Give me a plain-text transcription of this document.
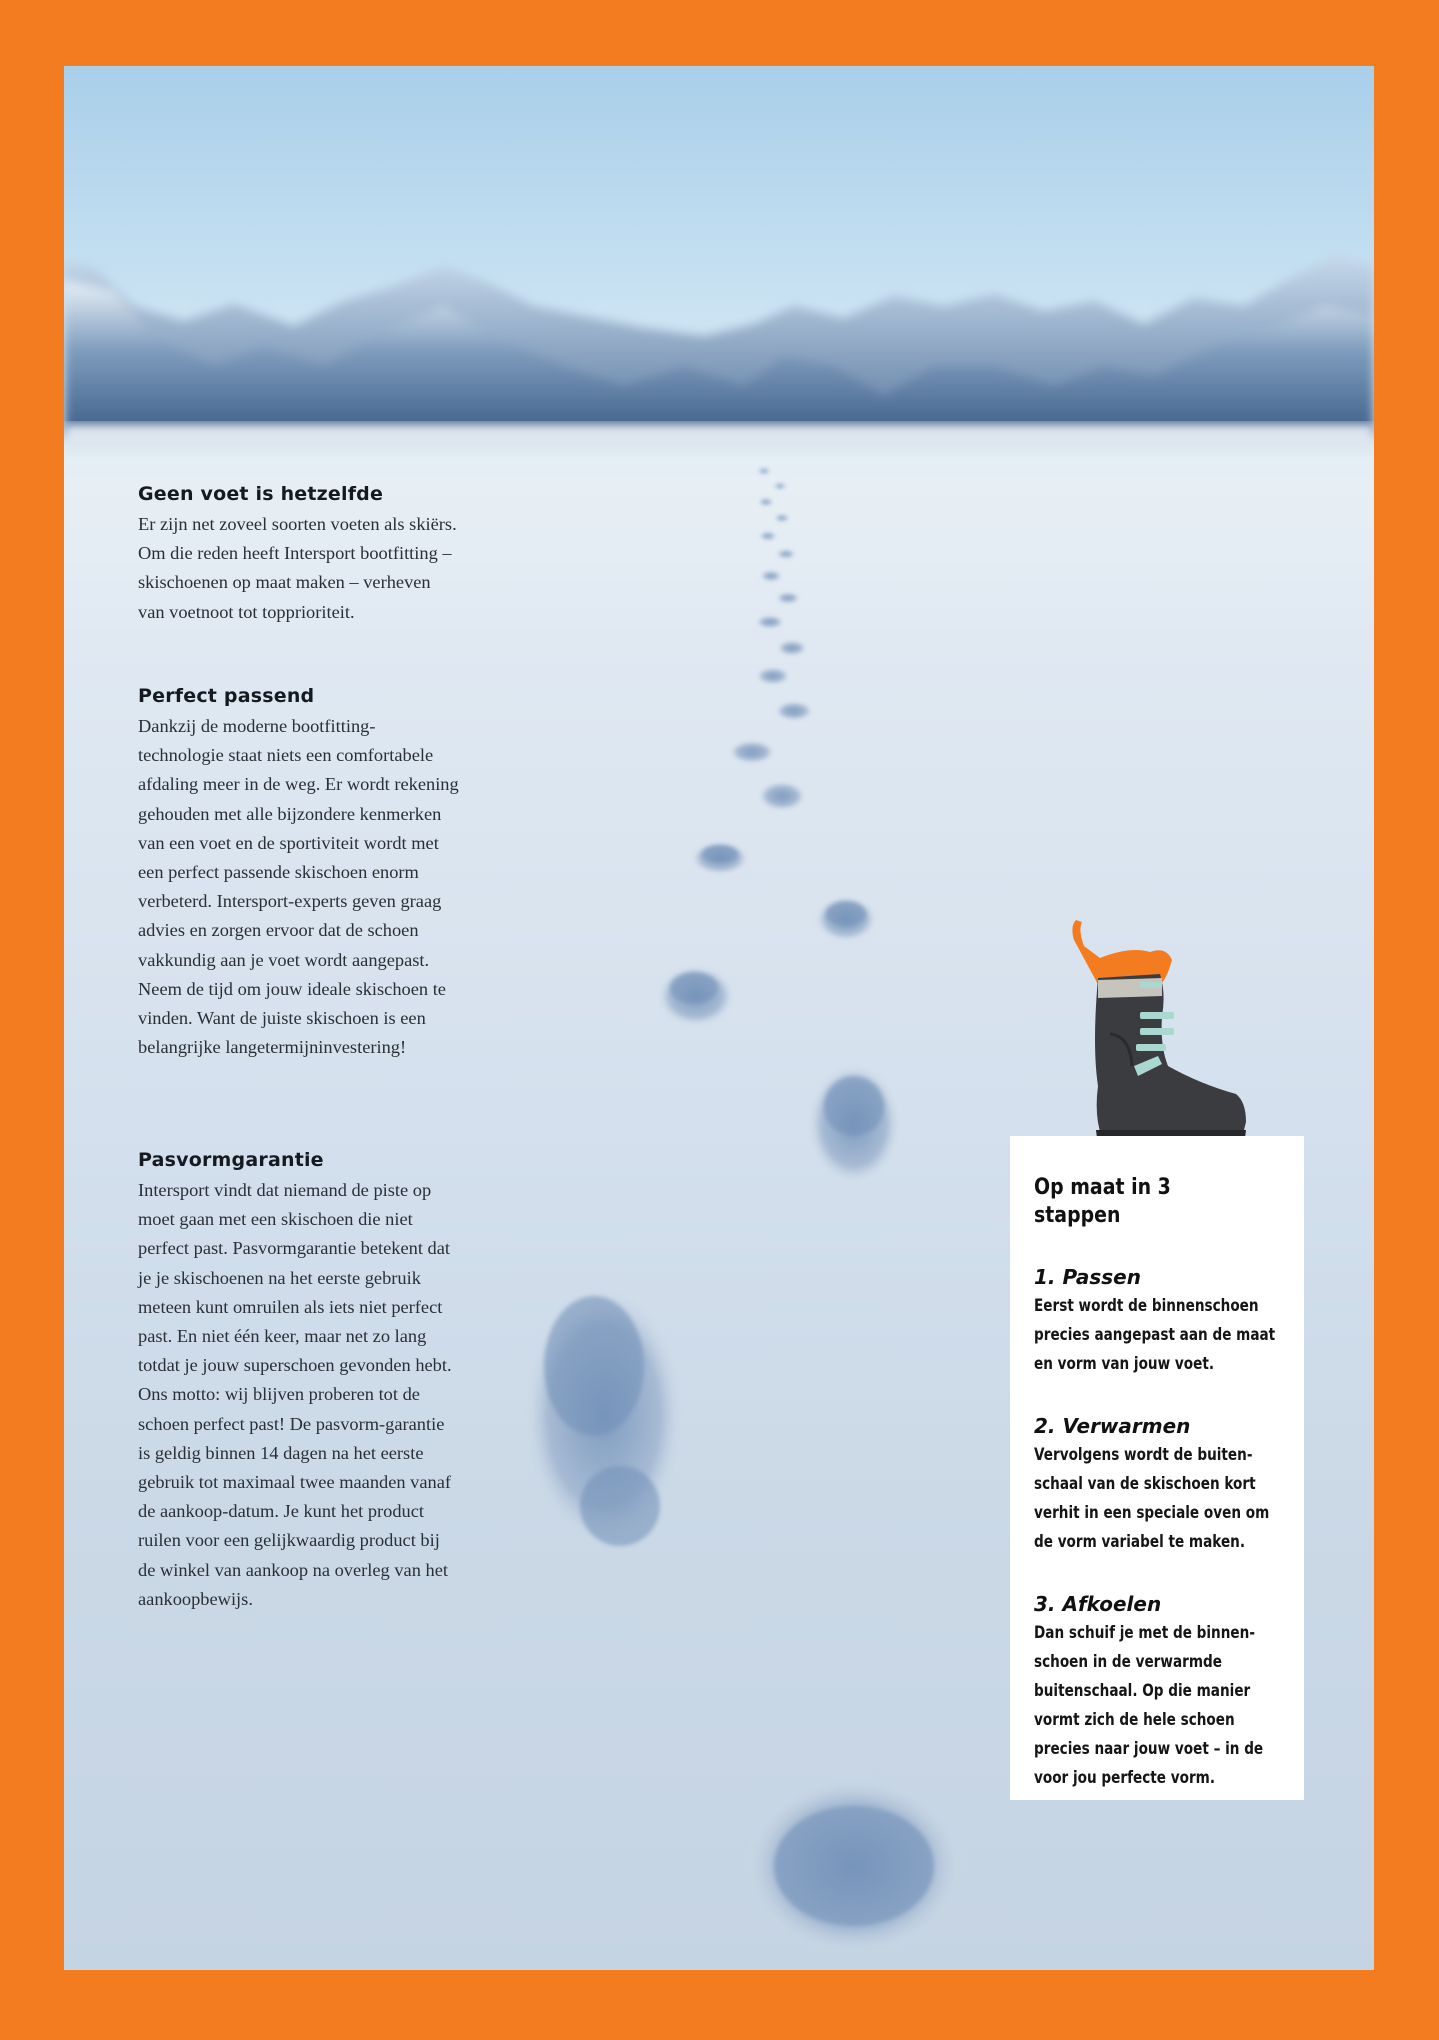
Geen voet is hetzelfde

Er zijn net zoveel soorten voeten als skiërs. Om die reden heeft Intersport bootfitting – skischoenen op maat maken – verheven van voetnoot tot topprioriteit.

Perfect passend

Dankzij de moderne bootfitting-technologie staat niets een comfortabele afdaling meer in de weg. Er wordt rekening gehouden met alle bijzondere kenmerken van een voet en de sportiviteit wordt met een perfect passende skischoen enorm verbeterd. Intersport-experts geven graag advies en zorgen ervoor dat de schoen vakkundig aan je voet wordt aangepast. Neem de tijd om jouw ideale skischoen te vinden. Want de juiste skischoen is een belangrijke langetermijninvestering!

Pasvormgarantie

Intersport vindt dat niemand de piste op moet gaan met een skischoen die niet perfect past. Pasvormgarantie betekent dat je je skischoenen na het eerste gebruik meteen kunt omruilen als iets niet perfect past. En niet één keer, maar net zo lang totdat je jouw superschoen gevonden hebt. Ons motto: wij blijven proberen tot de schoen perfect past! De pasvorm-garantie is geldig binnen 14 dagen na het eerste gebruik tot maximaal twee maanden vanaf de aankoop-datum. Je kunt het product ruilen voor een gelijkwaardig product bij de winkel van aankoop na overleg van het aankoopbewijs.

Op maat in 3 stappen
1. Passen
Eerst wordt de binnenschoen precies aangepast aan de maat en vorm van jouw voet.
2. Verwarmen
Vervolgens wordt de buiten-schaal van de skischoen kort verhit in een speciale oven om de vorm variabel te maken.
3. Afkoelen
Dan schuif je met de binnen-schoen in de verwarmde buitenschaal. Op die manier vormt zich de hele schoen precies naar jouw voet – in de voor jou perfecte vorm.
